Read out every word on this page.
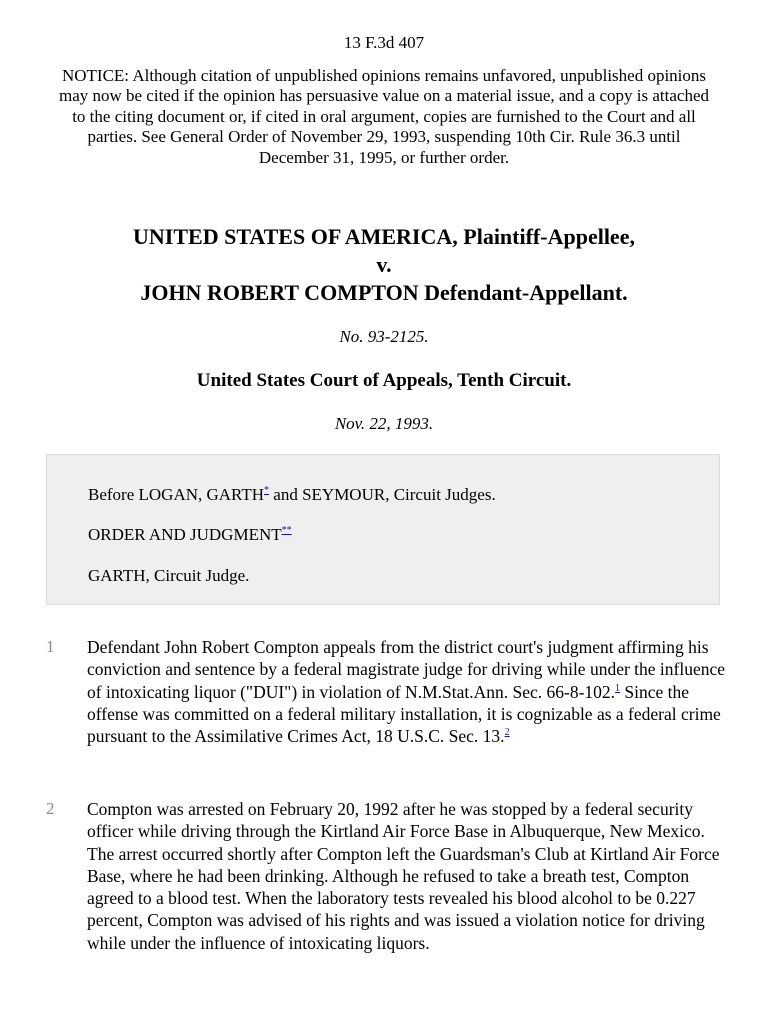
13 F.3d 407
NOTICE: Although citation of unpublished opinions remains unfavored, unpublished opinions may now be cited if the opinion has persuasive value on a material issue, and a copy is attached to the citing document or, if cited in oral argument, copies are furnished to the Court and all parties. See General Order of November 29, 1993, suspending 10th Cir. Rule 36.3 until December 31, 1995, or further order.
UNITED STATES OF AMERICA, Plaintiff-Appellee,
v.
JOHN ROBERT COMPTON Defendant-Appellant.
No. 93-2125.
United States Court of Appeals, Tenth Circuit.
Nov. 22, 1993.
Before LOGAN, GARTH* and SEYMOUR, Circuit Judges.
ORDER AND JUDGMENT**
GARTH, Circuit Judge.
1 Defendant John Robert Compton appeals from the district court's judgment affirming his conviction and sentence by a federal magistrate judge for driving while under the influence of intoxicating liquor ("DUI") in violation of N.M.Stat.Ann. Sec. 66-8-102.$^1$ Since the offense was committed on a federal military installation, it is cognizable as a federal crime pursuant to the Assimilative Crimes Act, 18 U.S.C. Sec. 13.$^2$
2 Compton was arrested on February 20, 1992 after he was stopped by a federal security officer while driving through the Kirtland Air Force Base in Albuquerque, New Mexico. The arrest occurred shortly after Compton left the Guardsman's Club at Kirtland Air Force Base, where he had been drinking. Although he refused to take a breath test, Compton agreed to a blood test. When the laboratory tests revealed his blood alcohol to be 0.227 percent, Compton was advised of his rights and was issued a violation notice for driving while under the influence of intoxicating liquors.
